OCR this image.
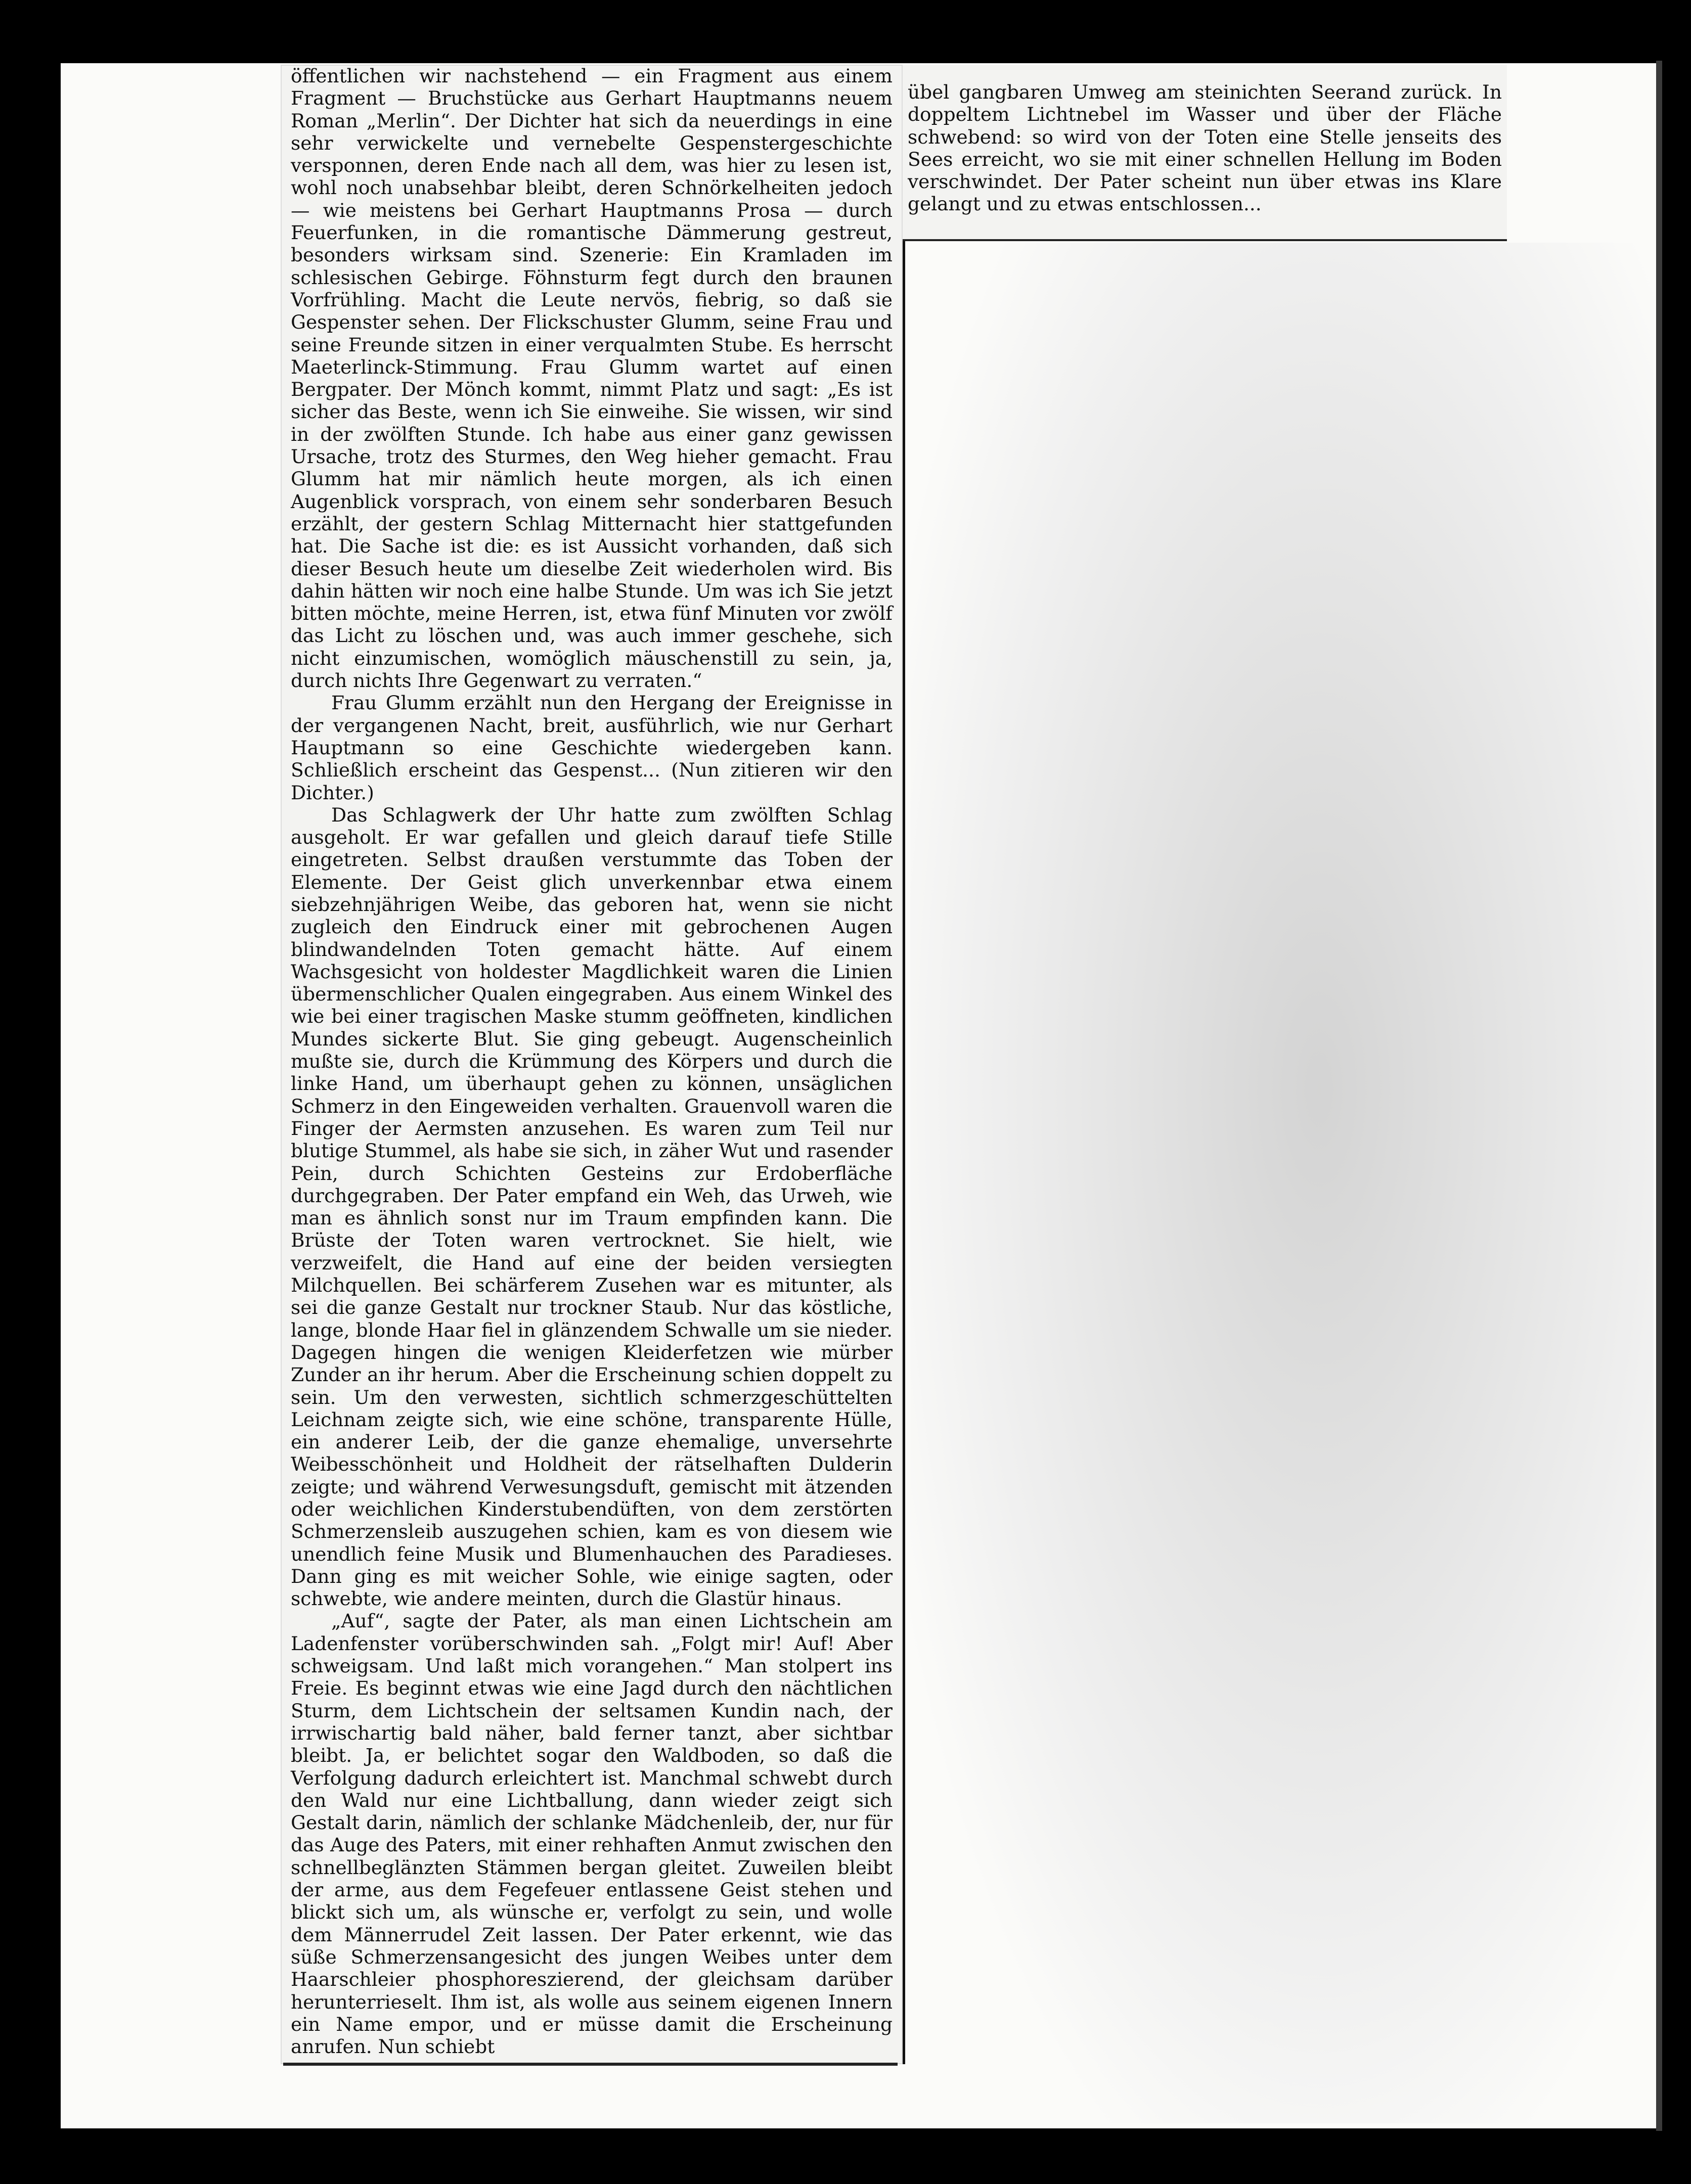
öffentlichen wir nachstehend — ein Fragment aus einem Fragment — Bruchstücke aus Gerhart Hauptmanns neuem Roman „Merlin“. Der Dichter hat sich da neuerdings in eine sehr verwickelte und vernebelte Gespenstergeschichte versponnen, deren Ende nach all dem, was hier zu lesen ist, wohl noch unabsehbar bleibt, deren Schnörkelheiten jedoch — wie meistens bei Gerhart Hauptmanns Prosa — durch Feuerfunken, in die romantische Dämmerung gestreut, besonders wirksam sind. Szenerie: Ein Kramladen im schlesischen Gebirge. Föhnsturm fegt durch den braunen Vorfrühling. Macht die Leute nervös, fiebrig, so daß sie Gespenster sehen. Der Flickschuster Glumm, seine Frau und seine Freunde sitzen in einer verqualmten Stube. Es herrscht Maeterlinck-Stimmung. Frau Glumm wartet auf einen Bergpater. Der Mönch kommt, nimmt Platz und sagt: „Es ist sicher das Beste, wenn ich Sie einweihe. Sie wissen, wir sind in der zwölften Stunde. Ich habe aus einer ganz gewissen Ursache, trotz des Sturmes, den Weg hieher gemacht. Frau Glumm hat mir nämlich heute morgen, als ich einen Augenblick vorsprach, von einem sehr sonderbaren Besuch erzählt, der gestern Schlag Mitternacht hier stattgefunden hat. Die Sache ist die: es ist Aussicht vorhanden, daß sich dieser Besuch heute um dieselbe Zeit wiederholen wird. Bis dahin hätten wir noch eine halbe Stunde. Um was ich Sie jetzt bitten möchte, meine Herren, ist, etwa fünf Minuten vor zwölf das Licht zu löschen und, was auch immer geschehe, sich nicht einzumischen, womöglich mäuschenstill zu sein, ja, durch nichts Ihre Gegenwart zu verraten.“

Frau Glumm erzählt nun den Hergang der Ereignisse in der vergangenen Nacht, breit, ausführlich, wie nur Gerhart Hauptmann so eine Geschichte wiedergeben kann. Schließlich erscheint das Gespenst... (Nun zitieren wir den Dichter.)

Das Schlagwerk der Uhr hatte zum zwölften Schlag ausgeholt. Er war gefallen und gleich darauf tiefe Stille eingetreten. Selbst draußen verstummte das Toben der Elemente. Der Geist glich unverkennbar etwa einem siebzehnjährigen Weibe, das geboren hat, wenn sie nicht zugleich den Eindruck einer mit gebrochenen Augen blindwandelnden Toten gemacht hätte. Auf einem Wachsgesicht von holdester Magdlichkeit waren die Linien übermenschlicher Qualen eingegraben. Aus einem Winkel des wie bei einer tragischen Maske stumm geöffneten, kindlichen Mundes sickerte Blut. Sie ging gebeugt. Augenscheinlich mußte sie, durch die Krümmung des Körpers und durch die linke Hand, um überhaupt gehen zu können, unsäglichen Schmerz in den Eingeweiden verhalten. Grauenvoll waren die Finger der Aermsten anzusehen. Es waren zum Teil nur blutige Stummel, als habe sie sich, in zäher Wut und rasender Pein, durch Schichten Gesteins zur Erdoberfläche durchgegraben. Der Pater empfand ein Weh, das Urweh, wie man es ähnlich sonst nur im Traum empfinden kann. Die Brüste der Toten waren vertrocknet. Sie hielt, wie verzweifelt, die Hand auf eine der beiden versiegten Milchquellen. Bei schärferem Zusehen war es mitunter, als sei die ganze Gestalt nur trockner Staub. Nur das köstliche, lange, blonde Haar fiel in glänzendem Schwalle um sie nieder. Dagegen hingen die wenigen Kleiderfetzen wie mürber Zunder an ihr herum. Aber die Erscheinung schien doppelt zu sein. Um den verwesten, sichtlich schmerzgeschüttelten Leichnam zeigte sich, wie eine schöne, transparente Hülle, ein anderer Leib, der die ganze ehemalige, unversehrte Weibesschönheit und Holdheit der rätselhaften Dulderin zeigte; und während Verwesungsduft, gemischt mit ätzenden oder weichlichen Kinderstubendüften, von dem zerstörten Schmerzensleib auszugehen schien, kam es von diesem wie unendlich feine Musik und Blumenhauchen des Paradieses. Dann ging es mit weicher Sohle, wie einige sagten, oder schwebte, wie andere meinten, durch die Glastür hinaus.

„Auf“, sagte der Pater, als man einen Lichtschein am Ladenfenster vorüberschwinden sah. „Folgt mir! Auf! Aber schweigsam. Und laßt mich vorangehen.“ Man stolpert ins Freie. Es beginnt etwas wie eine Jagd durch den nächtlichen Sturm, dem Lichtschein der seltsamen Kundin nach, der irrwischartig bald näher, bald ferner tanzt, aber sichtbar bleibt. Ja, er belichtet sogar den Waldboden, so daß die Verfolgung dadurch erleichtert ist. Manchmal schwebt durch den Wald nur eine Lichtballung, dann wieder zeigt sich Gestalt darin, nämlich der schlanke Mädchenleib, der, nur für das Auge des Paters, mit einer rehhaften Anmut zwischen den schnellbeglänzten Stämmen bergan gleitet. Zuweilen bleibt der arme, aus dem Fegefeuer entlassene Geist stehen und blickt sich um, als wünsche er, verfolgt zu sein, und wolle dem Männerrudel Zeit lassen. Der Pater erkennt, wie das süße Schmerzensangesicht des jungen Weibes unter dem Haarschleier phosphoreszierend, der gleichsam darüber herunterrieselt. Ihm ist, als wolle aus seinem eigenen Innern ein Name empor, und er müsse damit die Erscheinung anrufen. Nun schiebt

übel gangbaren Umweg am steinichten Seerand zurück. In doppeltem Lichtnebel im Wasser und über der Fläche schwebend: so wird von der Toten eine Stelle jenseits des Sees erreicht, wo sie mit einer schnellen Hellung im Boden verschwindet. Der Pater scheint nun über etwas ins Klare gelangt und zu etwas entschlossen...
